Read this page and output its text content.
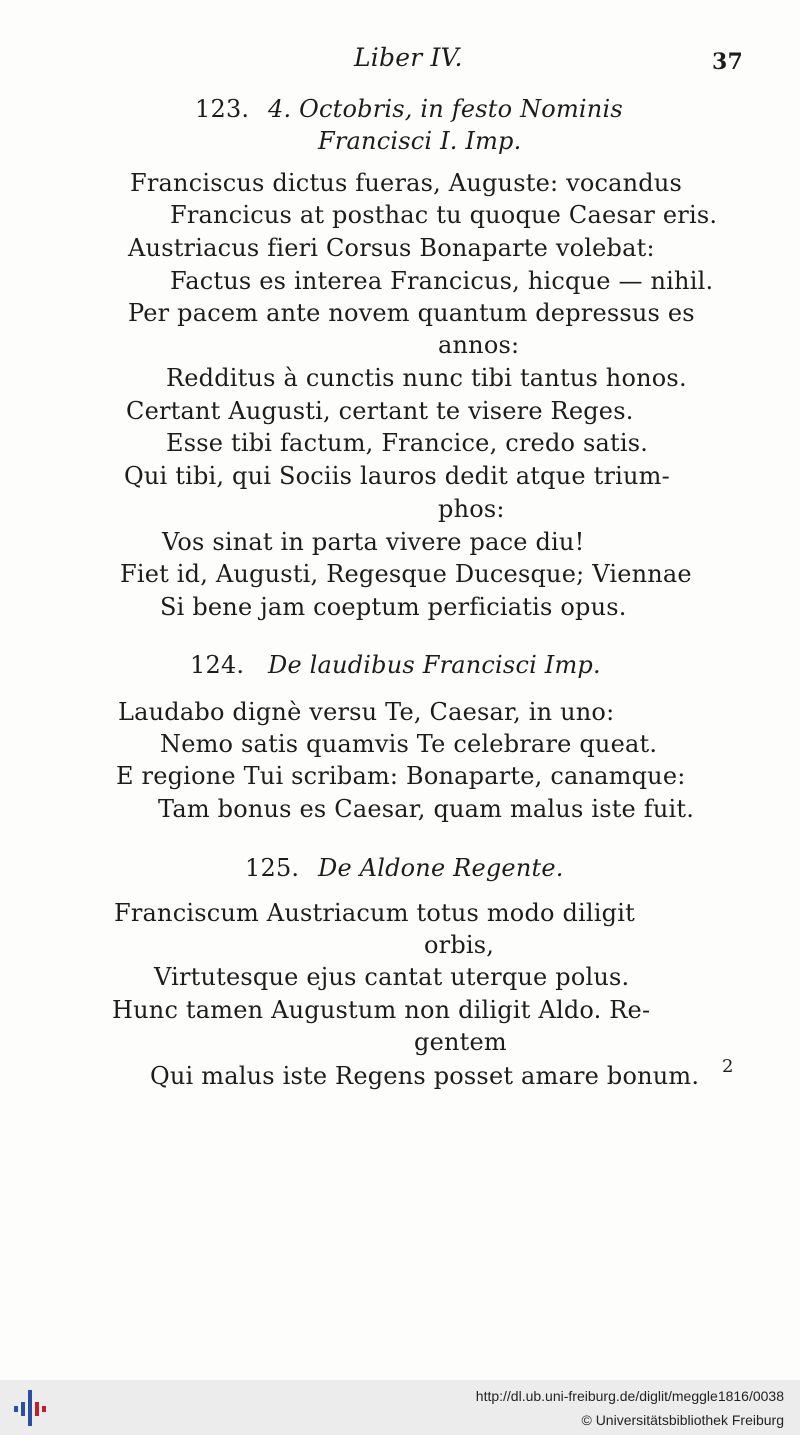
Liber IV.	37
123. 4. Octobris, in festo Nominis
Francisci I. Imp.
Franciscus dictus fueras, Auguste: vocandus
Francicus at posthac tu quoque Caesar eris.
Austriacus fieri Corsus Bonaparte volebat:
Factus es interea Francicus, hicque — nihil.
Per pacem ante novem quantum depressus es
annos:
Redditus à cunctis nunc tibi tantus honos.
Certant Augusti, certant te visere Reges.
Esse tibi factum, Francice, credo satis.
Qui tibi, qui Sociis lauros dedit atque trium-
phos:
Vos sinat in parta vivere pace diu!
Fiet id, Augusti, Regesque Ducesque; Viennae
Si bene jam coeptum perficiatis opus.
124. De laudibus Francisci Imp.
Laudabo dignè versu Te, Caesar, in uno:
Nemo satis quamvis Te celebrare queat.
E regione Tui scribam: Bonaparte, canamque:
Tam bonus es Caesar, quam malus iste fuit.
125. De Aldone Regente.
Franciscum Austriacum totus modo diligit
orbis,
Virtutesque ejus cantat uterque polus.
Hunc tamen Augustum non diligit Aldo. Re-
gentem
Qui malus iste Regens posset amare bonum. 2
http://dl.ub.uni-freiburg.de/diglit/meggle1816/0038
© Universitätsbibliothek Freiburg
